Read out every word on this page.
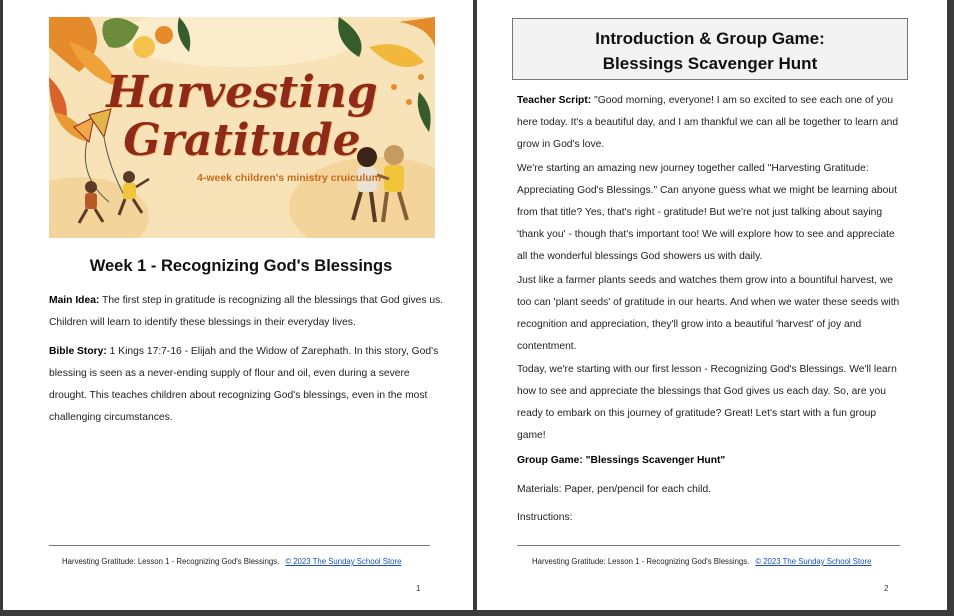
Harvesting
Gratitude
4-week children's ministry cruiculum
Week 1 - Recognizing God's Blessings
Main Idea: The first step in gratitude is recognizing all the blessings that God gives us. Children will learn to identify these blessings in their everyday lives.
Bible Story: 1 Kings 17:7-16 - Elijah and the Widow of Zarephath. In this story, God's blessing is seen as a never-ending supply of flour and oil, even during a severe drought. This teaches children about recognizing God's blessings, even in the most challenging circumstances.
Harvesting Gratitude: Lesson 1 - Recognizing God's Blessings. © 2023 The Sunday School Store
1
Introduction & Group Game:
Blessings Scavenger Hunt
Teacher Script: "Good morning, everyone! I am so excited to see each one of you here today. It's a beautiful day, and I am thankful we can all be together to learn and grow in God's love.
We're starting an amazing new journey together called "Harvesting Gratitude: Appreciating God's Blessings." Can anyone guess what we might be learning about from that title? Yes, that's right - gratitude! But we're not just talking about saying 'thank you' - though that's important too! We will explore how to see and appreciate all the wonderful blessings God showers us with daily.
Just like a farmer plants seeds and watches them grow into a bountiful harvest, we too can 'plant seeds' of gratitude in our hearts. And when we water these seeds with recognition and appreciation, they'll grow into a beautiful 'harvest' of joy and contentment.
Today, we're starting with our first lesson - Recognizing God's Blessings. We'll learn how to see and appreciate the blessings that God gives us each day. So, are you ready to embark on this journey of gratitude? Great! Let's start with a fun group game!
Group Game: "Blessings Scavenger Hunt"
Materials: Paper, pen/pencil for each child.
Instructions:
Harvesting Gratitude: Lesson 1 - Recognizing God's Blessings. © 2023 The Sunday School Store
2
